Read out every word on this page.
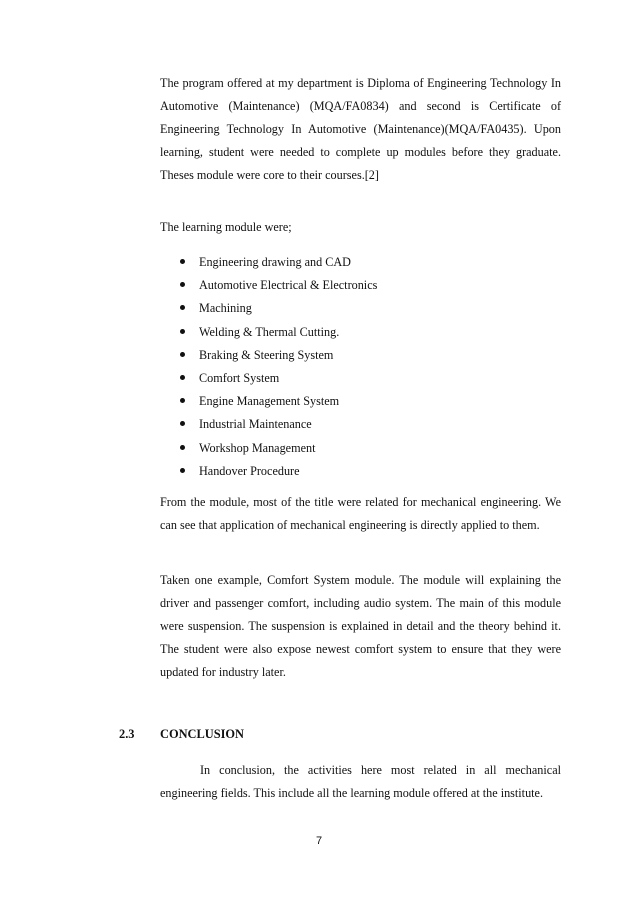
The program offered at my department is Diploma of Engineering Technology In Automotive (Maintenance) (MQA/FA0834) and second is Certificate of Engineering Technology In Automotive (Maintenance)(MQA/FA0435). Upon learning, student were needed to complete up modules before they graduate. Theses module were core to their courses.[2]

The learning module were;
Engineering drawing and CAD
Automotive Electrical & Electronics
Machining
Welding & Thermal Cutting.
Braking & Steering System
Comfort System
Engine Management System
Industrial Maintenance
Workshop Management
Handover Procedure

From the module, most of the title were related for mechanical engineering. We can see that application of mechanical engineering is directly applied to them.

Taken one example, Comfort System module. The module will explaining the driver and passenger comfort, including audio system. The main of this module were suspension. The suspension is explained in detail and the theory behind it. The student were also expose newest comfort system to ensure that they were updated for industry later.

2.3 CONCLUSION

In conclusion, the activities here most related in all mechanical engineering fields. This include all the learning module offered at the institute.

7
